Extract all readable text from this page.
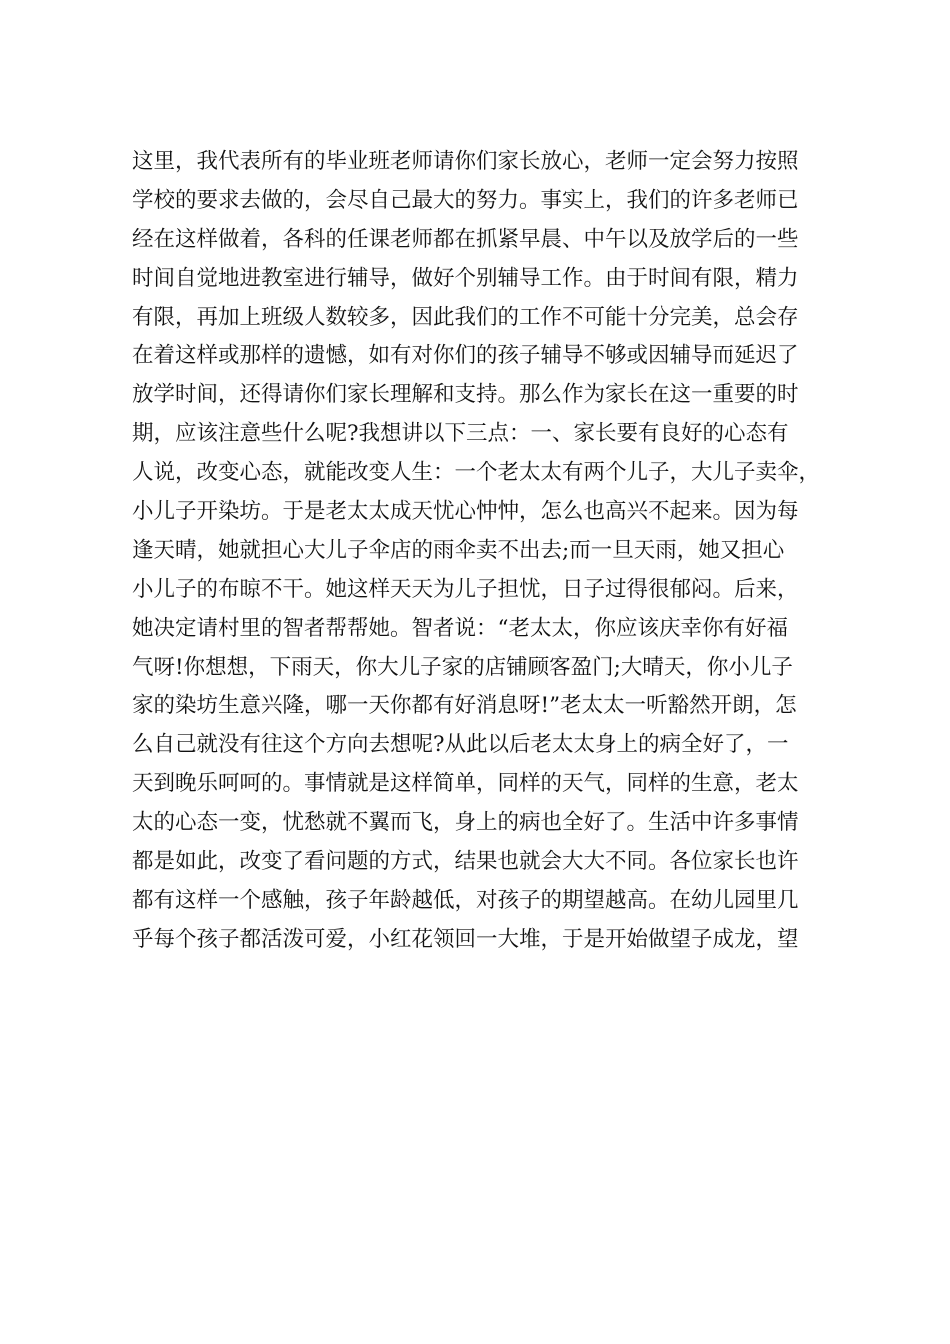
这里，我代表所有的毕业班老师请你们家长放心，老师一定会努力按照
学校的要求去做的，会尽自己最大的努力。事实上，我们的许多老师已
经在这样做着，各科的任课老师都在抓紧早晨、中午以及放学后的一些
时间自觉地进教室进行辅导，做好个别辅导工作。由于时间有限，精力
有限，再加上班级人数较多，因此我们的工作不可能十分完美，总会存
在着这样或那样的遗憾，如有对你们的孩子辅导不够或因辅导而延迟了
放学时间，还得请你们家长理解和支持。那么作为家长在这一重要的时
期，应该注意些什么呢?我想讲以下三点：一、家长要有良好的心态有
人说，改变心态，就能改变人生：一个老太太有两个儿子，大儿子卖伞，
小儿子开染坊。于是老太太成天忧心忡忡，怎么也高兴不起来。因为每
逢天晴，她就担心大儿子伞店的雨伞卖不出去;而一旦天雨，她又担心
小儿子的布晾不干。她这样天天为儿子担忧，日子过得很郁闷。后来，
她决定请村里的智者帮帮她。智者说：“老太太，你应该庆幸你有好福
气呀!你想想，下雨天，你大儿子家的店铺顾客盈门;大晴天，你小儿子
家的染坊生意兴隆，哪一天你都有好消息呀!”老太太一听豁然开朗，怎
么自己就没有往这个方向去想呢?从此以后老太太身上的病全好了，一
天到晚乐呵呵的。事情就是这样简单，同样的天气，同样的生意，老太
太的心态一变，忧愁就不翼而飞，身上的病也全好了。生活中许多事情
都是如此，改变了看问题的方式，结果也就会大大不同。各位家长也许
都有这样一个感触，孩子年龄越低，对孩子的期望越高。在幼儿园里几
乎每个孩子都活泼可爱，小红花领回一大堆，于是开始做望子成龙，望
